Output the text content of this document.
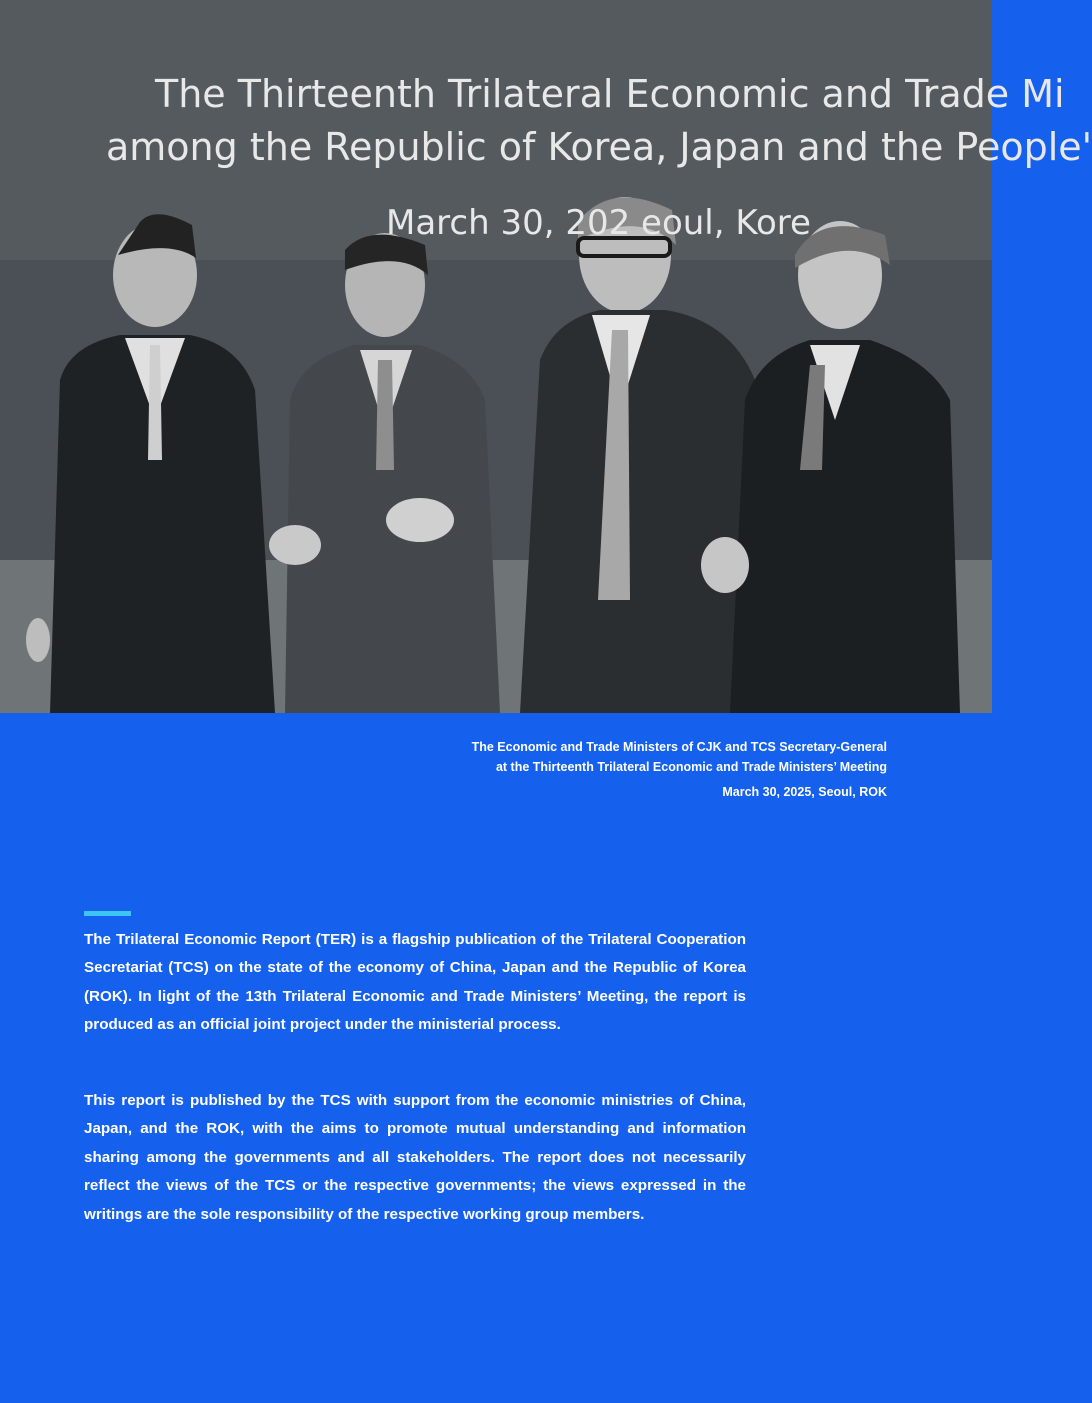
The Thirteenth Trilateral Economic and Trade Mi
among the Republic of Korea, Japan and the People'
March 30, 202 eoul, Kore
The Economic and Trade Ministers of CJK and TCS Secretary-General
at the Thirteenth Trilateral Economic and Trade Ministers’ Meeting
March 30, 2025, Seoul, ROK

The Trilateral Economic Report (TER) is a flagship publication of the Trilateral Cooperation Secretariat (TCS) on the state of the economy of China, Japan and the Republic of Korea (ROK). In light of the 13th Trilateral Economic and Trade Ministers’ Meeting, the report is produced as an official joint project under the ministerial process.

This report is published by the TCS with support from the economic ministries of China, Japan, and the ROK, with the aims to promote mutual understanding and information sharing among the governments and all stakeholders. The report does not necessarily reflect the views of the TCS or the respective governments; the views expressed in the writings are the sole responsibility of the respective working group members.
